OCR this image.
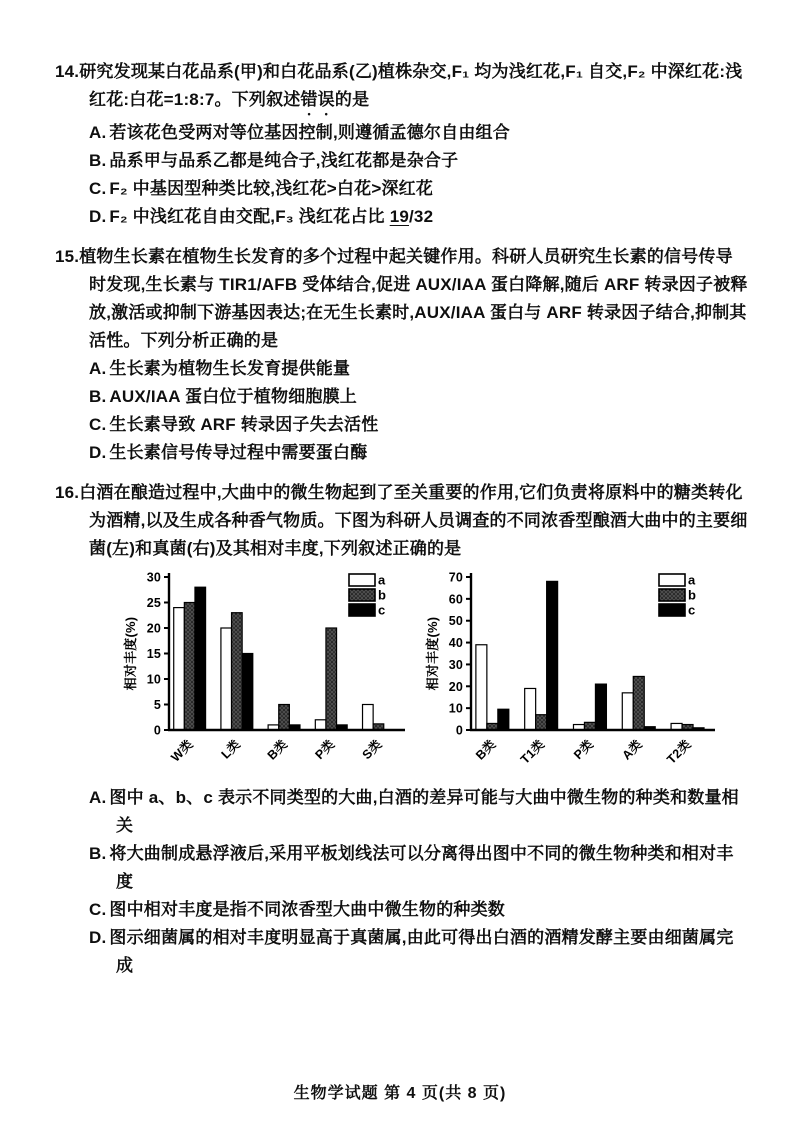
14.研究发现某白花品系(甲)和白花品系(乙)植株杂交,F₁ 均为浅红花,F₁ 自交,F₂ 中深红花:浅红花:白花=1:8:7。下列叙述错误的是
A. 若该花色受两对等位基因控制,则遵循孟德尔自由组合
B. 品系甲与品系乙都是纯合子,浅红花都是杂合子
C. F₂ 中基因型种类比较,浅红花>白花>深红花
D. F₂ 中浅红花自由交配,F₃ 浅红花占比 19/32
15.植物生长素在植物生长发育的多个过程中起关键作用。科研人员研究生长素的信号传导时发现,生长素与 TIR1/AFB 受体结合,促进 AUX/IAA 蛋白降解,随后 ARF 转录因子被释放,激活或抑制下游基因表达;在无生长素时,AUX/IAA 蛋白与 ARF 转录因子结合,抑制其活性。下列分析正确的是
A. 生长素为植物生长发育提供能量
B. AUX/IAA 蛋白位于植物细胞膜上
C. 生长素导致 ARF 转录因子失去活性
D. 生长素信号传导过程中需要蛋白酶
16.白酒在酿造过程中,大曲中的微生物起到了至关重要的作用,它们负责将原料中的糖类转化为酒精,以及生成各种香气物质。下图为科研人员调查的不同浓香型酿酒大曲中的主要细菌(左)和真菌(右)及其相对丰度,下列叙述正确的是
0
5
10
15
20
25
30
W类 L类 B类 P类 S类
相对丰度(%)
a
b
c
0
10
20
30
40
50
60
70
B类 T1类 P类 A类 T2类
相对丰度(%)
a
b
c
A. 图中 a、b、c 表示不同类型的大曲,白酒的差异可能与大曲中微生物的种类和数量相关
B. 将大曲制成悬浮液后,采用平板划线法可以分离得出图中不同的微生物种类和相对丰度
C. 图中相对丰度是指不同浓香型大曲中微生物的种类数
D. 图示细菌属的相对丰度明显高于真菌属,由此可得出白酒的酒精发酵主要由细菌属完成
生物学试题 第 4 页(共 8 页)
